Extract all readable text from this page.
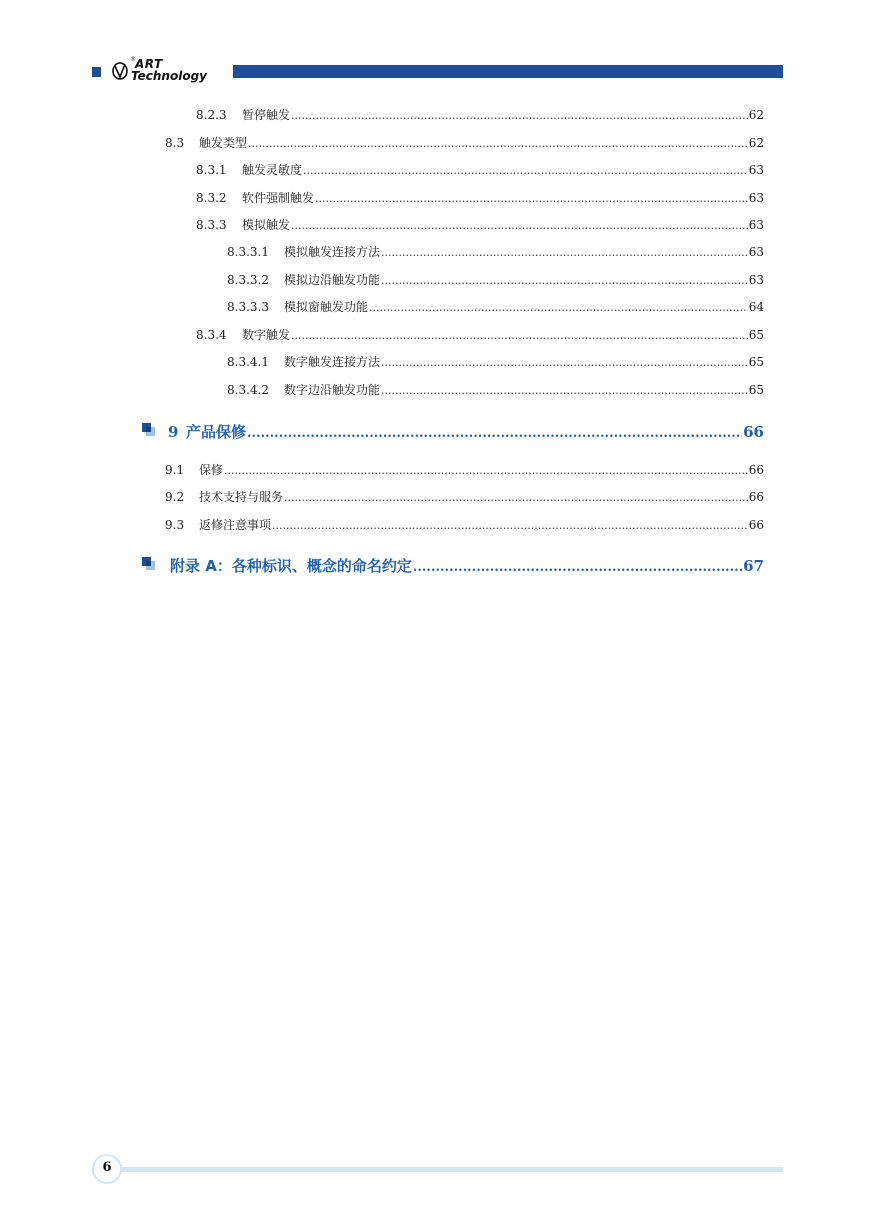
® ART
Technology
8.2.3	暂停触发 .....	62
8.3	触发类型 .....	62
8.3.1	触发灵敏度 .....	63
8.3.2	软件强制触发 .....	63
8.3.3	模拟触发 .....	63
8.3.3.1	模拟触发连接方法 .....	63
8.3.3.2	模拟边沿触发功能 .....	63
8.3.3.3	模拟窗触发功能 .....	64
8.3.4	数字触发 .....	65
8.3.4.1	数字触发连接方法 .....	65
8.3.4.2	数字边沿触发功能 .....	65
9 产品保修 .....	66
9.1	保修 .....	66
9.2	技术支持与服务 .....	66
9.3	返修注意事项 .....	66
附录 A：各种标识、概念的命名约定 .....	67
6
